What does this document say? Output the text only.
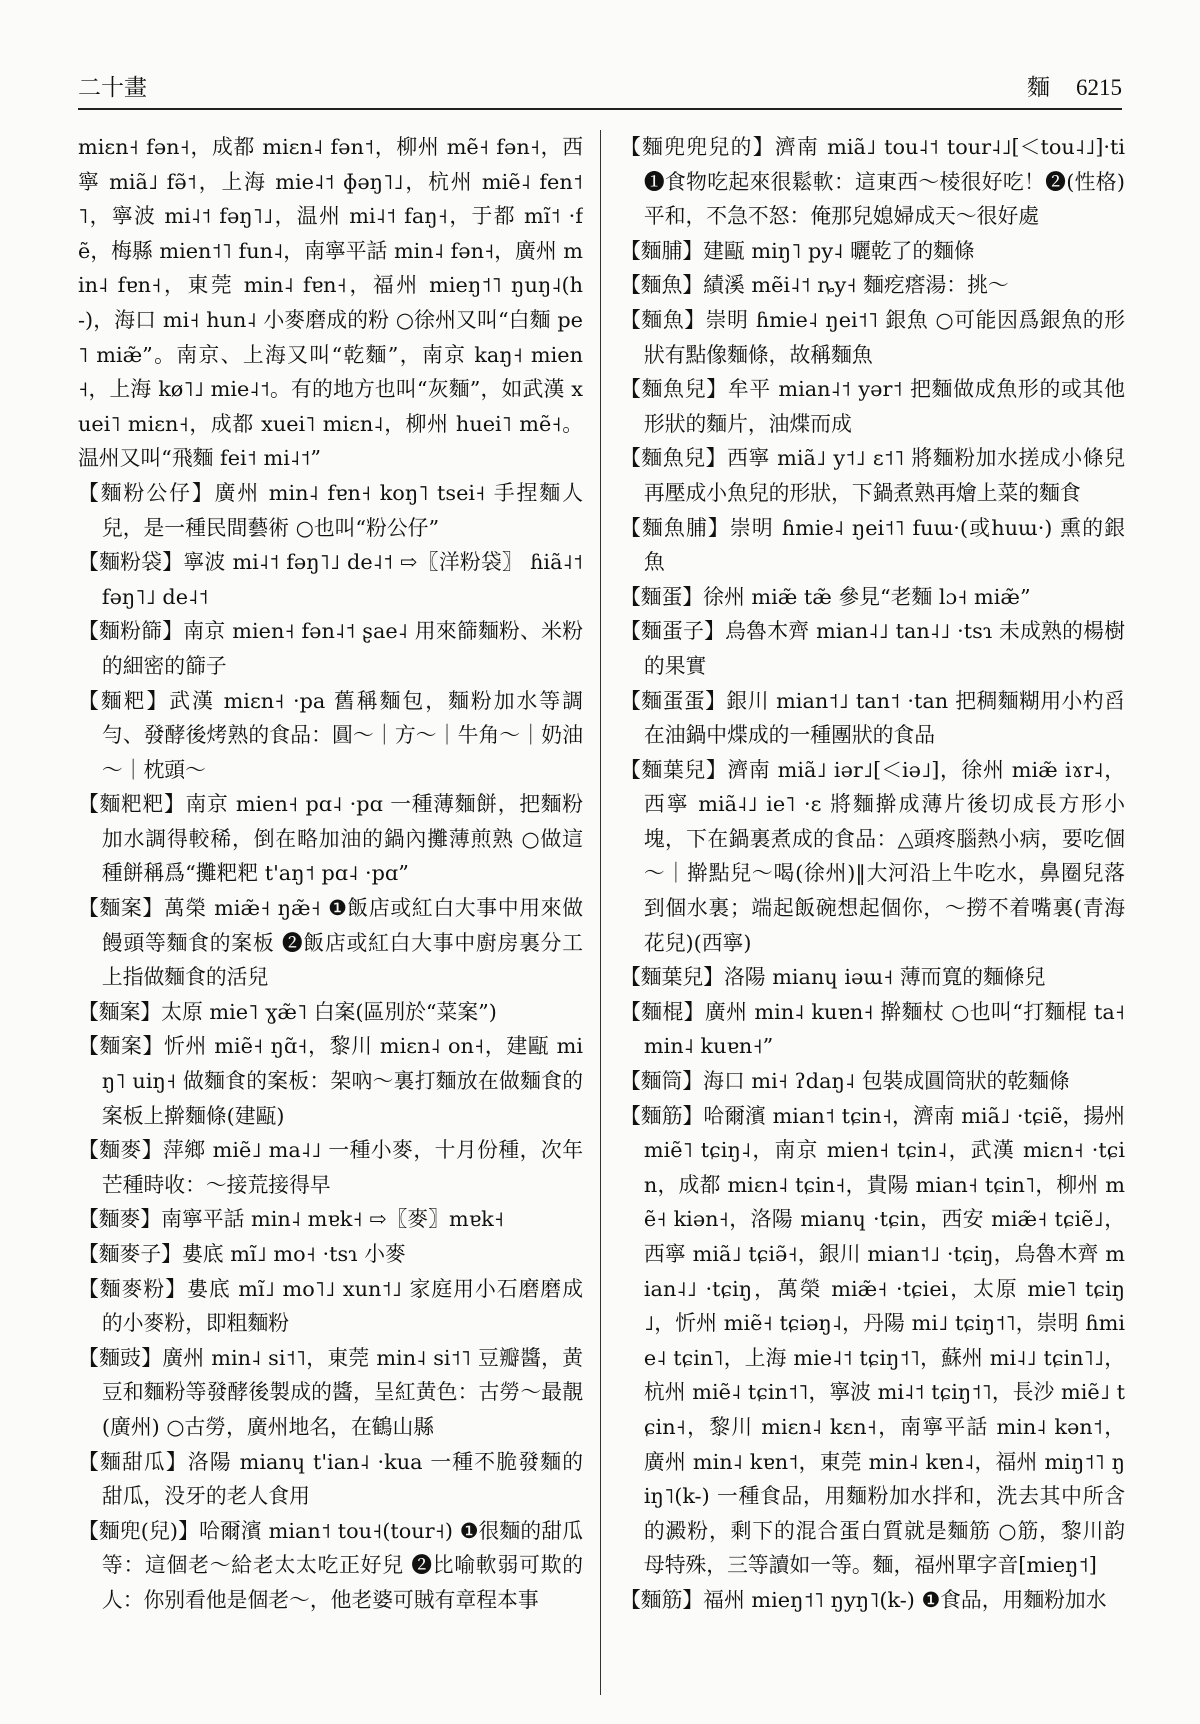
二十畫	麵 6215

miɛn˧ fən˧，成都 miɛn˨ fən˦，柳州 mẽ˧ fən˧，西寧 miã˩ fə̃˦，上海 mie˨˦ ɸəŋ˥˩，杭州 miẽ˨ fen˦˥，寧波 mi˨˦ fəŋ˥˩，温州 mi˨˦ faŋ˧，于都 mĩ˦ ·fẽ，梅縣 mien˦˥ fun˨，南寧平話 min˨ fən˧，廣州 min˨ fɐn˧，東莞 min˨ fɐn˧，福州 mieŋ˦˥ ŋuŋ˨(h-)，海口 mi˧ hun˨ 小麥磨成的粉 ○徐州又叫“白麵 pe˥ miæ̃”。南京、上海又叫“乾麵”，南京 kaŋ˧ mien˧，上海 kø˥˩ mie˨˦。有的地方也叫“灰麵”，如武漢 xuei˥ miɛn˧，成都 xuei˥ miɛn˨，柳州 huei˥ mẽ˧。温州又叫“飛麵 fei˦ mi˨˦”

【麵粉公仔】廣州 min˨ fɐn˧ koŋ˥ tsei˧ 手捏麵人兒，是一種民間藝術 ○也叫“粉公仔”

【麵粉袋】寧波 mi˨˦ fəŋ˥˩ de˨˦ ⇨〖洋粉袋〗 ɦiã˨˦ fəŋ˥˩ de˨˦

【麵粉篩】南京 mien˧ fən˨˦ ʂae˨ 用來篩麵粉、米粉的細密的篩子

【麵粑】武漢 miɛn˧ ·pa 舊稱麵包，麵粉加水等調勻、發酵後烤熟的食品：圓～｜方～｜牛角～｜奶油～｜枕頭～

【麵粑粑】南京 mien˧ pɑ˨ ·pɑ 一種薄麵餅，把麵粉加水調得較稀，倒在略加油的鍋內攤薄煎熟 ○做這種餅稱爲“攤粑粑 t'aŋ˦ pɑ˨ ·pɑ”

【麵案】萬榮 miæ̃˧ ŋæ̃˧ ❶飯店或紅白大事中用來做饅頭等麵食的案板 ❷飯店或紅白大事中廚房裏分工上指做麵食的活兒

【麵案】太原 mie˥ ɣæ̃˥ 白案(區別於“菜案”)

【麵案】忻州 miẽ˧ ŋɑ̃˧，黎川 miɛn˨ on˧，建甌 miŋ˥ uiŋ˧ 做麵食的案板：架吶～裏打麵放在做麵食的案板上擀麵條(建甌)

【麵麥】萍鄉 miẽ˩ ma˨˩ 一種小麥，十月份種，次年芒種時收：～接荒接得早

【麵麥】南寧平話 min˨ mɐk˧ ⇨〖麥〗mɐk˧

【麵麥子】婁底 mĩ˩ mo˧ ·tsɿ 小麥

【麵麥粉】婁底 mĩ˩ mo˥˩ xun˦˩ 家庭用小石磨磨成的小麥粉，即粗麵粉

【麵豉】廣州 min˨ si˦˥，東莞 min˨ si˦˥ 豆瓣醬，黄豆和麵粉等發酵後製成的醬，呈紅黄色：古勞～最靚(廣州) ○古勞，廣州地名，在鶴山縣

【麵甜瓜】洛陽 mianɥ t'ian˨ ·kua 一種不脆發麵的甜瓜，没牙的老人食用

【麵兜(兒)】哈爾濱 mian˦ tou˧(tour˧) ❶很麵的甜瓜等：這個老～給老太太吃正好兒 ❷比喻軟弱可欺的人：你别看他是個老～，他老婆可賊有章程本事

【麵兜兜兒的】濟南 miã˩ tou˨˦ tour˨˩[＜tou˨˩]·ti ❶食物吃起來很鬆軟：這東西～棱很好吃！❷(性格)平和，不急不怒：俺那兒媳婦成天～很好處

【麵脯】建甌 miŋ˥ py˨ 曬乾了的麵條

【麵魚】績溪 mẽi˨˦ ȵy˧ 麵疙瘩湯：挑～

【麵魚】崇明 ɦmie˨ ŋei˦˥ 銀魚 ○可能因爲銀魚的形狀有點像麵條，故稱麵魚

【麵魚兒】牟平 mian˨˦ yər˦ 把麵做成魚形的或其他形狀的麵片，油煠而成

【麵魚兒】西寧 miã˩ y˦˩ ɛ˦˥ 將麵粉加水搓成小條兒再壓成小魚兒的形狀，下鍋煮熟再燴上菜的麵食

【麵魚脯】崇明 ɦmie˨ ŋei˦˥ fuɯ·(或huɯ·) 熏的銀魚

【麵蛋】徐州 miæ̃ tæ̃ 參見“老麵 lɔ˧ miæ̃”

【麵蛋子】烏魯木齊 mian˨˩ tan˨˩ ·tsɿ 未成熟的楊樹的果實

【麵蛋蛋】銀川 mian˦˩ tan˦ ·tan 把稠麵糊用小杓舀在油鍋中煠成的一種團狀的食品

【麵葉兒】濟南 miã˩ iər˩[＜iə˩]，徐州 miæ̃ iɤr˨，西寧 miã˨˩ ie˥ ·ɛ 將麵擀成薄片後切成長方形小塊，下在鍋裏煮成的食品：△頭疼腦熱小病，要吃個～｜擀點兒～喝(徐州)‖大河沿上牛吃水，鼻圈兒落到個水裏；端起飯碗想起個你，～撈不着嘴裏(青海花兒)(西寧)

【麵葉兒】洛陽 mianɥ iəɯ˧ 薄而寬的麵條兒

【麵棍】廣州 min˨ kuɐn˧ 擀麵杖 ○也叫“打麵棍 ta˧ min˨ kuɐn˧”

【麵筒】海口 mi˧ ʔdaŋ˨ 包裝成圓筒狀的乾麵條

【麵筋】哈爾濱 mian˦ tɕin˧，濟南 miã˩ ·tɕiẽ，揚州 miẽ˥ tɕiŋ˨，南京 mien˧ tɕin˨，武漢 miɛn˧ ·tɕin，成都 miɛn˨ tɕin˧，貴陽 mian˧ tɕin˥，柳州 mẽ˧ kiən˧，洛陽 mianɥ ·tɕin，西安 miæ̃˧ tɕiẽ˩，西寧 miã˩ tɕiə̃˧，銀川 mian˦˩ ·tɕiŋ，烏魯木齊 mian˨˩ ·tɕiŋ，萬榮 miæ̃˧ ·tɕiei，太原 mie˥ tɕiŋ˩，忻州 miẽ˧ tɕiəŋ˨，丹陽 mi˩ tɕiŋ˦˥，崇明 ɦmie˨ tɕin˥，上海 mie˨˦ tɕiŋ˦˥，蘇州 mi˨˩ tɕin˥˩，杭州 miẽ˨ tɕin˦˥，寧波 mi˨˦ tɕiŋ˦˥，長沙 miẽ˩ tɕin˧，黎川 miɛn˨ kɛn˧，南寧平話 min˨ kən˦，廣州 min˨ kɐn˦，東莞 min˨ kɐn˨，福州 miŋ˦˥ ŋiŋ˥(k-) 一種食品，用麵粉加水拌和，洗去其中所含的澱粉，剩下的混合蛋白質就是麵筋 ○筋，黎川韵母特殊，三等讀如一等。麵，福州單字音[mieŋ˦]

【麵筋】福州 mieŋ˦˥ ŋyŋ˥(k-) ❶食品，用麵粉加水
